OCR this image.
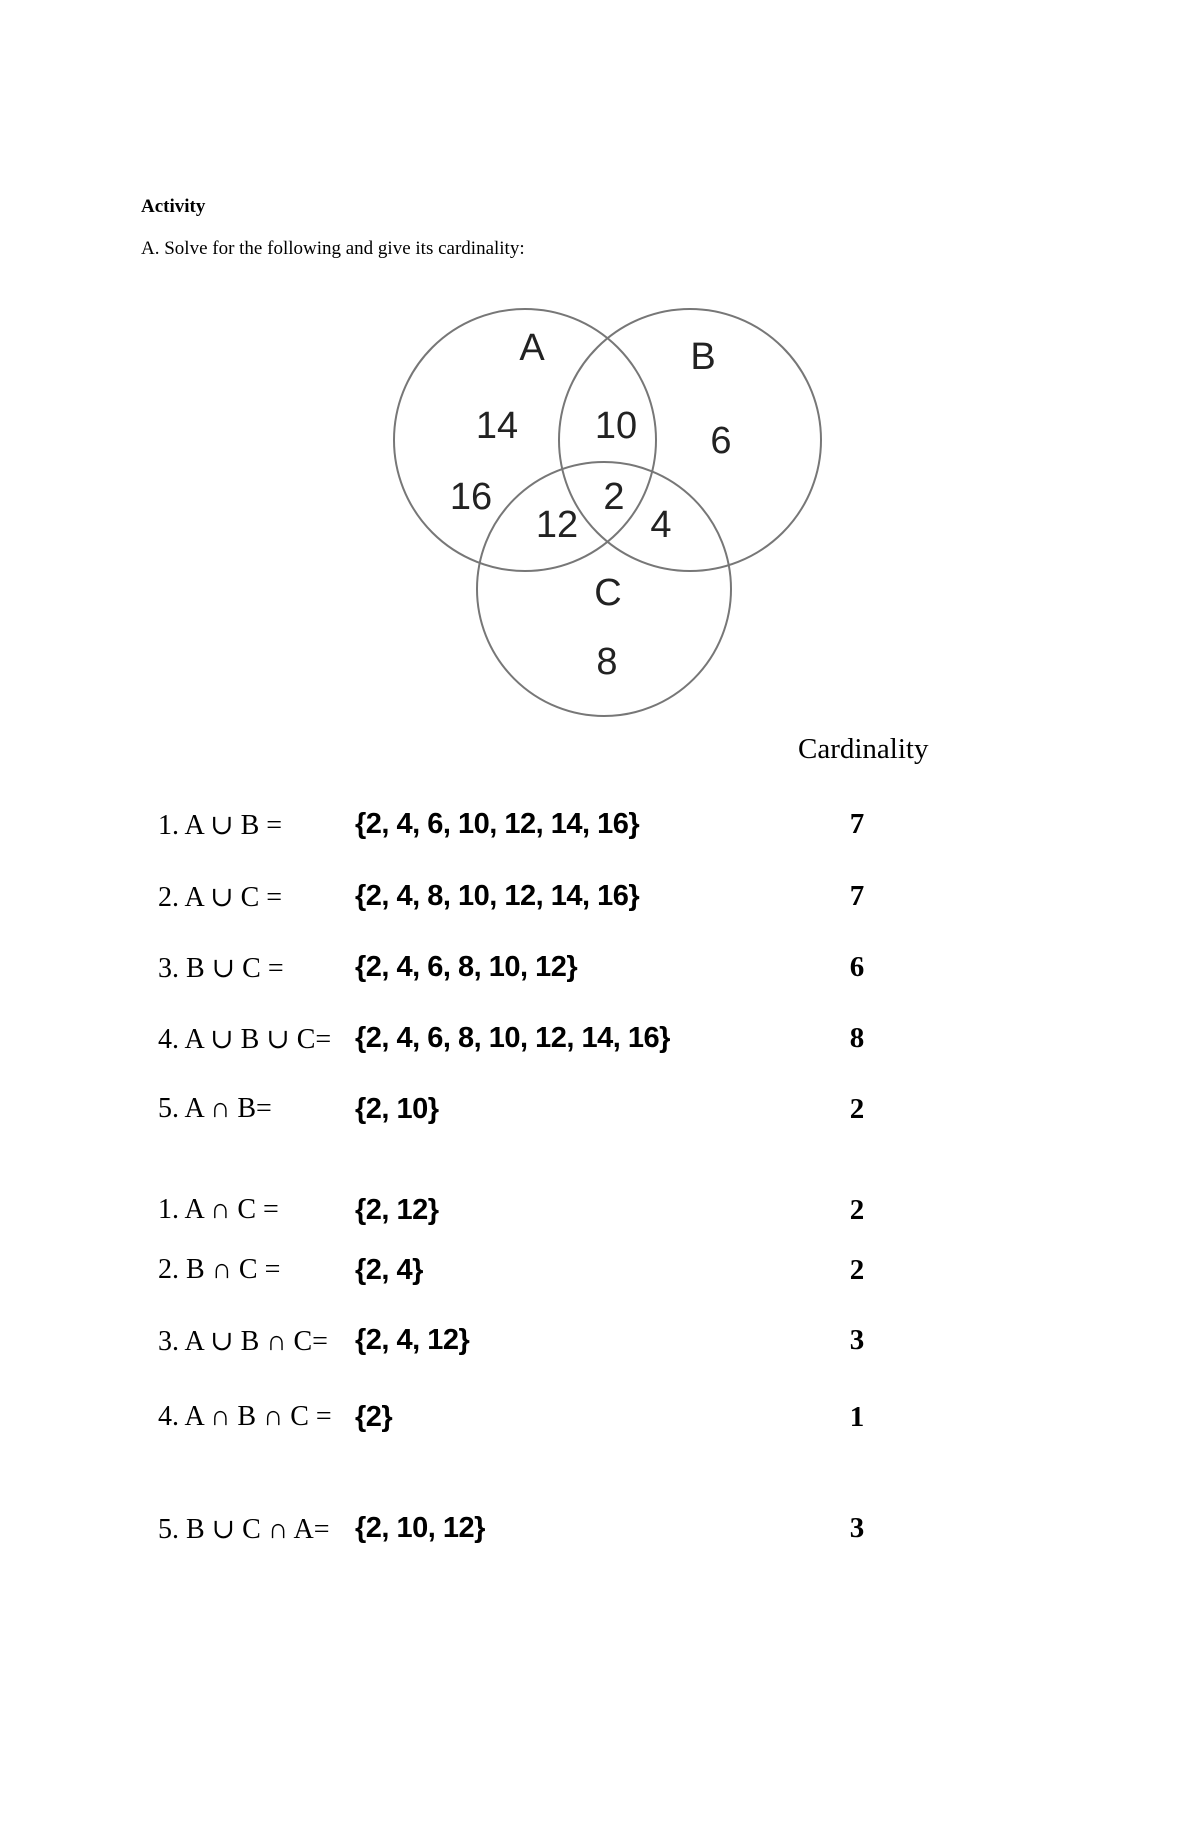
Activity
A. Solve for the following and give its cardinality:
A	B
C
14
16
10 6
2
12 4
8
Cardinality
1. A ∪ B =	{2, 4, 6, 10, 12, 14, 16}	7
2. A ∪ C =	{2, 4, 8, 10, 12, 14, 16}	7
3. B ∪ C = {2, 4, 6, 8, 10, 12}	6
4. A ∪ B ∪ C= {2, 4, 6, 8, 10, 12, 14, 16}	8
5. A ∩ B=	{2, 10}	2
1. A ∩ C =	{2, 12}	2
2. B ∩ C =	{2, 4}	2
3. A ∪ B ∩ C= {2, 4, 12}	3
4. A ∩ B ∩ C = {2}	1
5. B ∪ C ∩ A= {2, 10, 12}	3
